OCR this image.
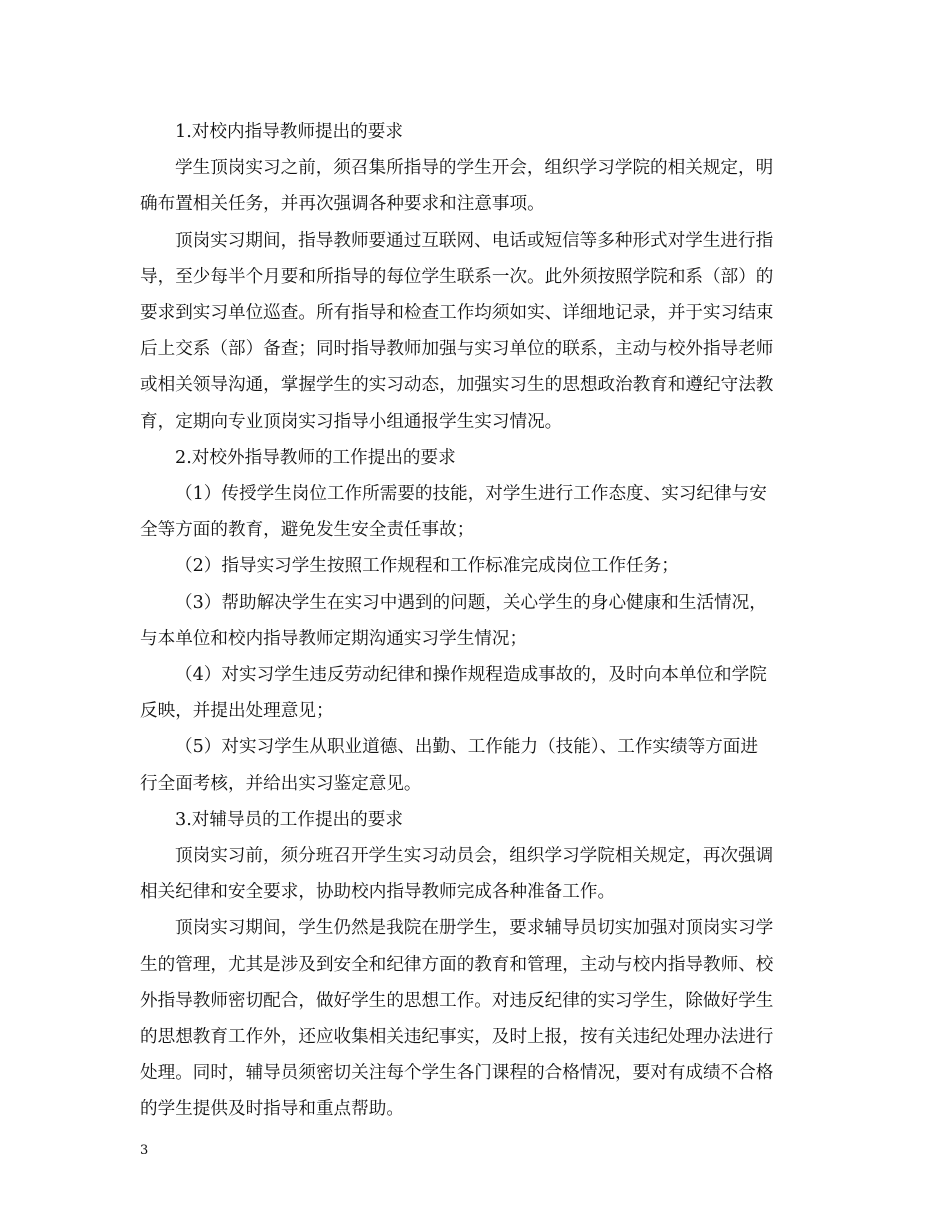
1.对校内指导教师提出的要求
学生顶岗实习之前，须召集所指导的学生开会，组织学习学院的相关规定，明
确布置相关任务，并再次强调各种要求和注意事项。
顶岗实习期间，指导教师要通过互联网、电话或短信等多种形式对学生进行指
导，至少每半个月要和所指导的每位学生联系一次。此外须按照学院和系（部）的
要求到实习单位巡查。所有指导和检查工作均须如实、详细地记录，并于实习结束
后上交系（部）备查；同时指导教师加强与实习单位的联系，主动与校外指导老师
或相关领导沟通，掌握学生的实习动态，加强实习生的思想政治教育和遵纪守法教
育，定期向专业顶岗实习指导小组通报学生实习情况。
2.对校外指导教师的工作提出的要求
（1）传授学生岗位工作所需要的技能，对学生进行工作态度、实习纪律与安
全等方面的教育，避免发生安全责任事故；
（2）指导实习学生按照工作规程和工作标准完成岗位工作任务；
（3）帮助解决学生在实习中遇到的问题，关心学生的身心健康和生活情况，
与本单位和校内指导教师定期沟通实习学生情况；
（4）对实习学生违反劳动纪律和操作规程造成事故的，及时向本单位和学院
反映，并提出处理意见；
（5）对实习学生从职业道德、出勤、工作能力（技能）、工作实绩等方面进
行全面考核，并给出实习鉴定意见。
3.对辅导员的工作提出的要求
顶岗实习前，须分班召开学生实习动员会，组织学习学院相关规定，再次强调
相关纪律和安全要求，协助校内指导教师完成各种准备工作。
顶岗实习期间，学生仍然是我院在册学生，要求辅导员切实加强对顶岗实习学
生的管理，尤其是涉及到安全和纪律方面的教育和管理，主动与校内指导教师、校
外指导教师密切配合，做好学生的思想工作。对违反纪律的实习学生，除做好学生
的思想教育工作外，还应收集相关违纪事实，及时上报，按有关违纪处理办法进行
处理。同时，辅导员须密切关注每个学生各门课程的合格情况，要对有成绩不合格
的学生提供及时指导和重点帮助。
3
